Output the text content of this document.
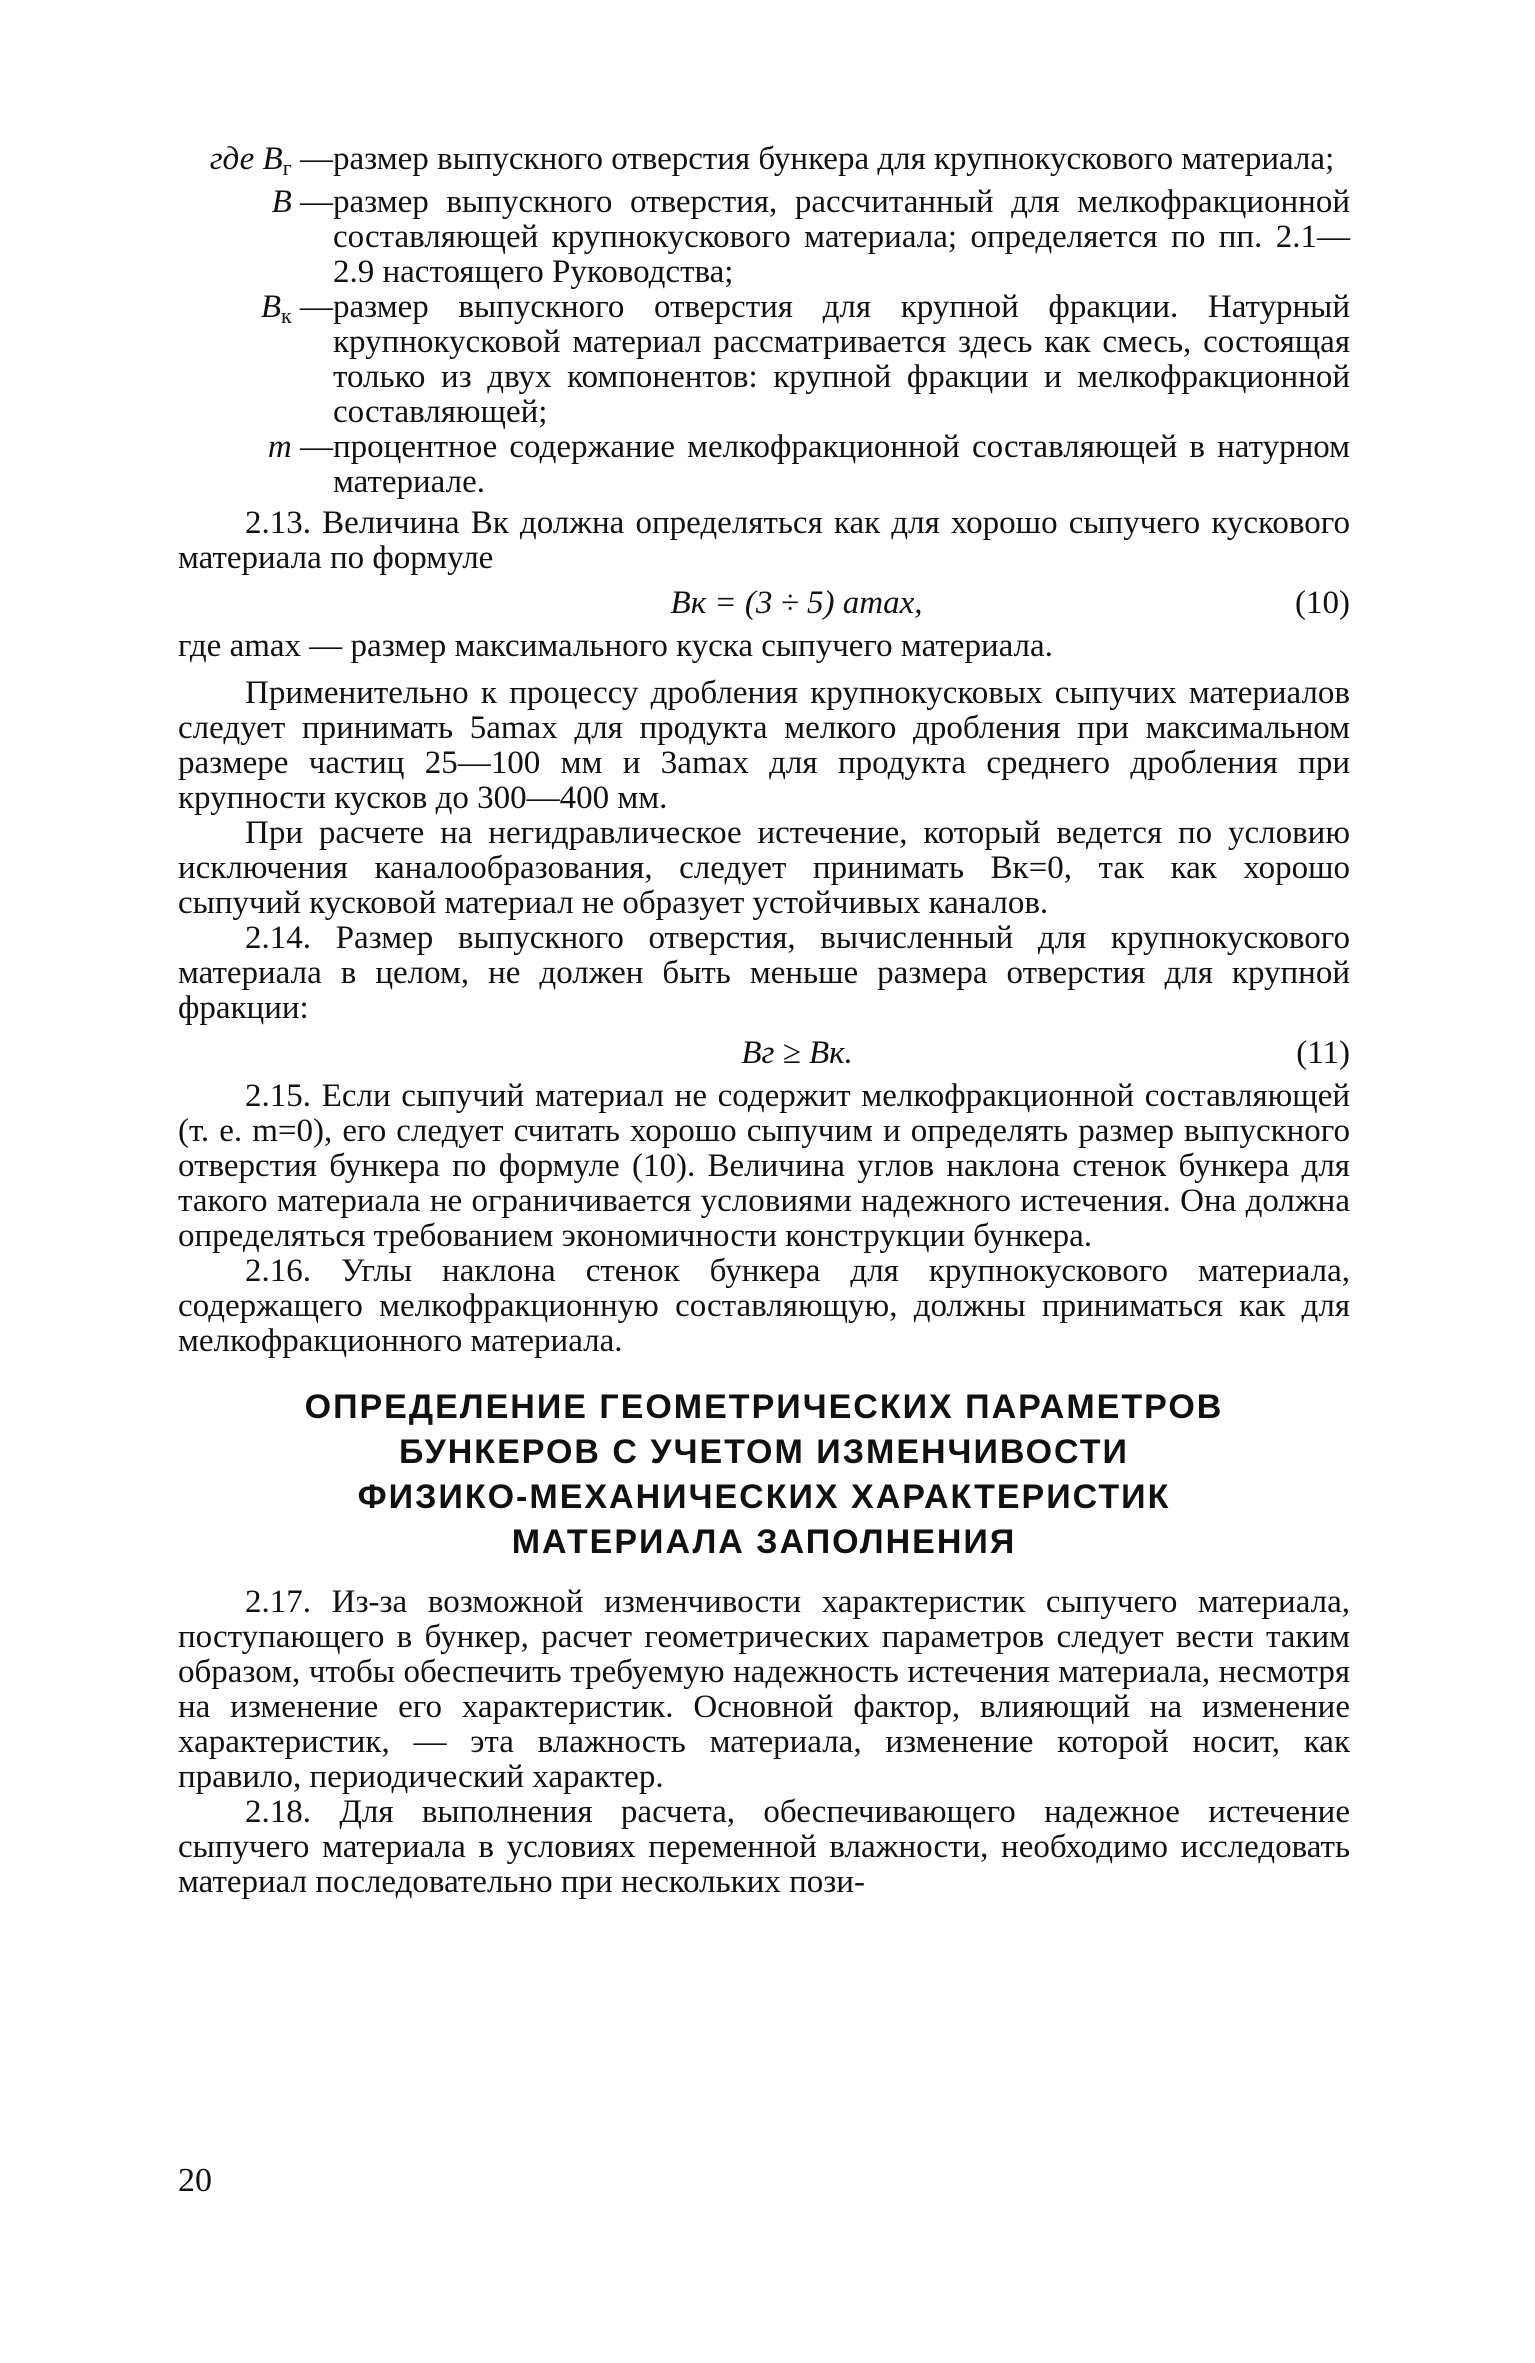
где $B_г$ — размер выпускного отверстия бункера для крупнокускового материала;
B — размер выпускного отверстия, рассчитанный для мелкофракционной составляющей крупнокускового материала; определяется по пп. 2.1—2.9 настоящего Руководства;
$B_к$ — размер выпускного отверстия для крупной фракции. Натурный крупнокусковой материал рассматривается здесь как смесь, состоящая только из двух компонентов: крупной фракции и мелкофракционной составляющей;
m — процентное содержание мелкофракционной составляющей в натурном материале.

2.13. Величина Bк должна определяться как для хорошо сыпучего кускового материала по формуле

Bк = (3 ÷ 5) amax,	(10)

где amax — размер максимального куска сыпучего материала.

Применительно к процессу дробления крупнокусковых сыпучих материалов следует принимать 5amax для продукта мелкого дробления при максимальном размере частиц 25—100 мм и 3amax для продукта среднего дробления при крупности кусков до 300—400 мм.

При расчете на негидравлическое истечение, который ведется по условию исключения каналообразования, следует принимать Bк=0, так как хорошо сыпучий кусковой материал не образует устойчивых каналов.

2.14. Размер выпускного отверстия, вычисленный для крупнокускового материала в целом, не должен быть меньше размера отверстия для крупной фракции:

Bг ≥ Bк.	(11)

2.15. Если сыпучий материал не содержит мелкофракционной составляющей (т. е. m=0), его следует считать хорошо сыпучим и определять размер выпускного отверстия бункера по формуле (10). Величина углов наклона стенок бункера для такого материала не ограничивается условиями надежного истечения. Она должна определяться требованием экономичности конструкции бункера.

2.16. Углы наклона стенок бункера для крупнокускового материала, содержащего мелкофракционную составляющую, должны приниматься как для мелкофракционного материала.

ОПРЕДЕЛЕНИЕ ГЕОМЕТРИЧЕСКИХ ПАРАМЕТРОВ
БУНКЕРОВ С УЧЕТОМ ИЗМЕНЧИВОСТИ
ФИЗИКО-МЕХАНИЧЕСКИХ ХАРАКТЕРИСТИК
МАТЕРИАЛА ЗАПОЛНЕНИЯ

2.17. Из-за возможной изменчивости характеристик сыпучего материала, поступающего в бункер, расчет геометрических параметров следует вести таким образом, чтобы обеспечить требуемую надежность истечения материала, несмотря на изменение его характеристик. Основной фактор, влияющий на изменение характеристик, — эта влажность материала, изменение которой носит, как правило, периодический характер.

2.18. Для выполнения расчета, обеспечивающего надежное истечение сыпучего материала в условиях переменной влажности, необходимо исследовать материал последовательно при нескольких пози-

20
